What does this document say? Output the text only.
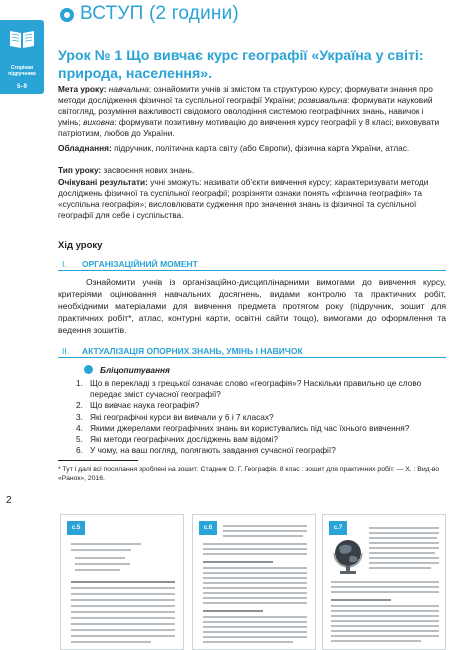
Сторінки
підручника
5–9
ВСТУП (2 години)
Урок № 1 Що вивчає курс географії «Україна у світі: природа, населення».
Мета уроку: навчальна: ознайомити учнів зі змістом та структурою курсу; формувати знання про методи дослідження фізичної та суспільної географії України; розвивальна: формувати науковий світогляд, розуміння важливості свідомого оволодіння системою географічних знань, навичок і умінь; виховна: формувати позитивну мотивацію до вивчення курсу географії у 8 класі; виховувати патріотизм, любов до України.
Обладнання: підручник, політична карта світу (або Європи), фізична карта України, атлас.
Тип уроку: засвоєння нових знань.
Очікувані результати: учні зможуть: називати об’єкти вивчення курсу; характеризувати методи досліджень фізичної та суспільної географії; розрізняти ознаки понять «фізична географія» та «суспільна географія»; висловлювати судження про значення знань із фізичної та суспільної географії для себе і суспільства.
Хід уроку
I. ОРГАНІЗАЦІЙНИЙ МОМЕНТ
Ознайомити учнів із організаційно-дисциплінарними вимогами до вивчення курсу, критеріями оцінювання навчальних досягнень, видами контролю та практичних робіт, необхідними матеріалами для вивчення предмета протягом року (підручник, зошит для практичних робіт*, атлас, контурні карти, освітні сайти тощо), вимогами до оформлення та ведення зошитів.
II. АКТУАЛІЗАЦІЯ ОПОРНИХ ЗНАНЬ, УМІНЬ І НАВИЧОК
Бліцопитування
1. Що в перекладі з грецької означає слово «географія»? Наскільки правильно це слово передає зміст сучасної географії?
2. Що вивчає наука географія?
3. Які географічні курси ви вивчали у 6 і 7 класах?
4. Якими джерелами географічних знань ви користувались під час їхнього вивчення?
5. Які методи географічних досліджень вам відомі?
6. У чому, на ваш погляд, полягають завдання сучасної географії?
* Тут і далі всі посилання зроблені на зошит: Стадник О. Г. Географія. 8 клас : зошит для практичних робіт. — Х. : Вид-во «Ранок», 2016.
2
с.5	с.6	с.7
